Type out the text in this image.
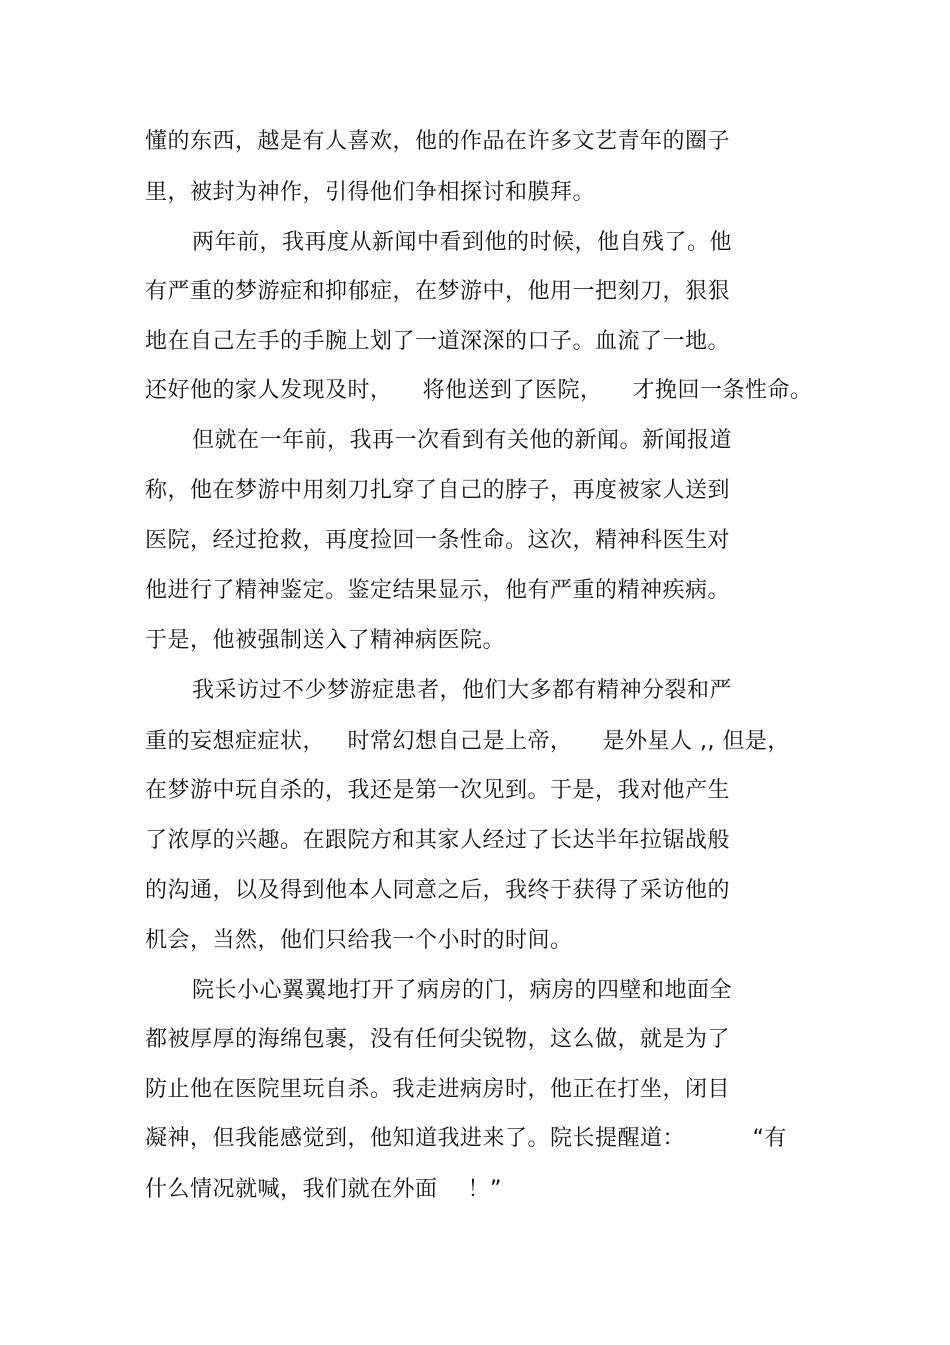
懂的东西，越是有人喜欢，他的作品在许多文艺青年的圈子
里，被封为神作，引得他们争相探讨和膜拜。
两年前，我再度从新闻中看到他的时候，他自残了。他
有严重的梦游症和抑郁症，在梦游中，他用一把刻刀，狠狠
地在自己左手的手腕上划了一道深深的口子。血流了一地。
还好他的家人发现及时，    将他送到了医院，    才挽回一条性命。
但就在一年前，我再一次看到有关他的新闻。新闻报道
称，他在梦游中用刻刀扎穿了自己的脖子，再度被家人送到
医院，经过抢救，再度捡回一条性命。这次，精神科医生对
他进行了精神鉴定。鉴定结果显示，他有严重的精神疾病。
于是，他被强制送入了精神病医院。
我采访过不少梦游症患者，他们大多都有精神分裂和严
重的妄想症症状，   时常幻想自己是上帝，    是外星人 ,, 但是，
在梦游中玩自杀的，我还是第一次见到。于是，我对他产生
了浓厚的兴趣。在跟院方和其家人经过了长达半年拉锯战般
的沟通，以及得到他本人同意之后，我终于获得了采访他的
机会，当然，他们只给我一个小时的时间。
院长小心翼翼地打开了病房的门，病房的四壁和地面全
都被厚厚的海绵包裹，没有任何尖锐物，这么做，就是为了
防止他在医院里玩自杀。我走进病房时，他正在打坐，闭目
凝神，但我能感觉到，他知道我进来了。院长提醒道：         “有
什么情况就喊，我们就在外面    ！”
